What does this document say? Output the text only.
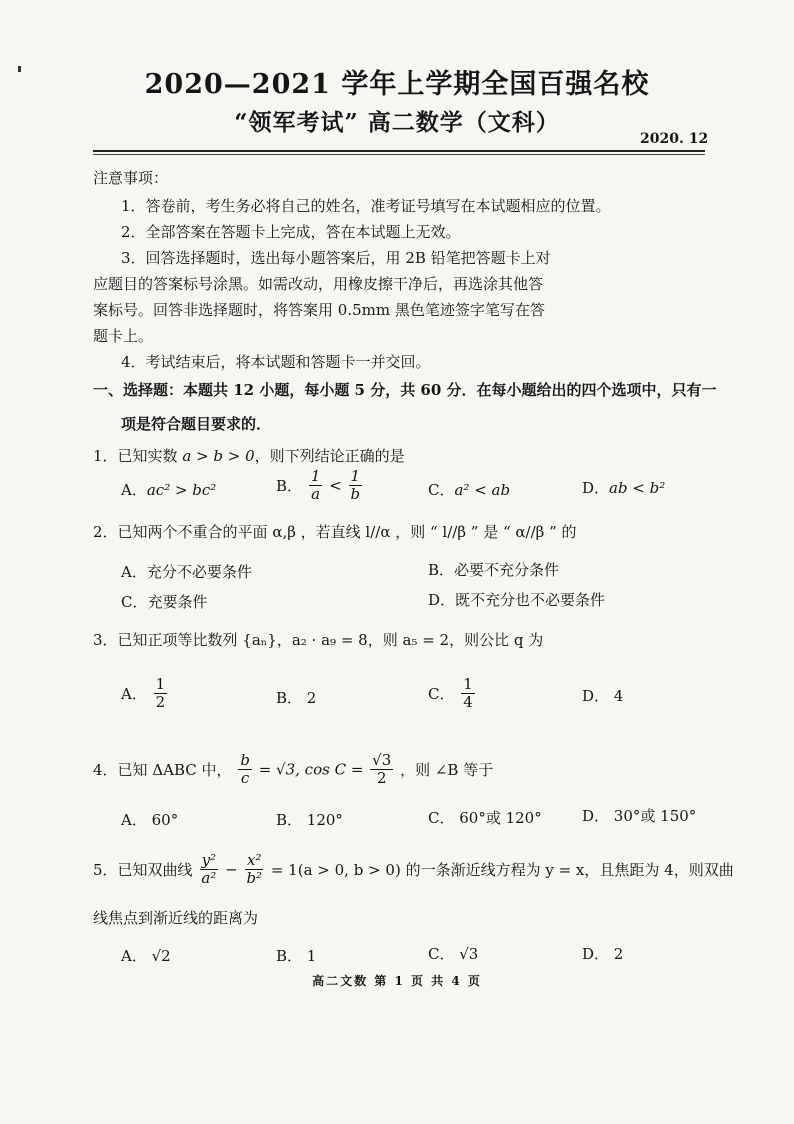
2020—2021 学年上学期全国百强名校
“领军考试” 高二数学（文科）
2020. 12
注意事项：
1．答卷前，考生务必将自己的姓名，准考证号填写在本试题相应的位置。
2．全部答案在答题卡上完成，答在本试题上无效。
3．回答选择题时，选出每小题答案后，用 2B 铅笔把答题卡上对
应题目的答案标号涂黑。如需改动，用橡皮擦干净后，再选涂其他答
案标号。回答非选择题时，将答案用 0.5mm 黑色笔迹签字笔写在答
题卡上。
4．考试结束后，将本试题和答题卡一并交回。
一、选择题：本题共 12 小题，每小题 5 分，共 60 分．在每小题给出的四个选项中，只有一
项是符合题目要求的．
1．已知实数 a > b > 0，则下列结论正确的是
A．ac² > bc²	B． $\frac{1}{a} < \frac{1}{b}$	C．a² < ab	D．ab < b²
2．已知两个不重合的平面 α,β ，若直线 l//α ，则 “ l//β ” 是 “ α//β ” 的
A．充分不必要条件	B．必要不充分条件
C．充要条件	D．既不充分也不必要条件
3．已知正项等比数列 {aₙ}，a₂ · a₉ = 8，则 a₅ = 2，则公比 q 为
A． $\frac{1}{2}$	B． 2	C． $\frac{1}{4}$	D． 4
4．已知 ΔABC 中， $\frac{b}{c} = √3$, $\cos C = \frac{√3}{2}$ ，则 ∠B 等于
A． 60°	B． 120°	C． 60°或 120°	D． 30°或 150°
5．已知双曲线 $\frac{\text{y²}}{\text{a²}} - \frac{\text{x²}}{\text{b²}} = 1(a > 0$, b > 0) 的一条渐近线方程为 y = x，且焦距为 4，则双曲
线焦点到渐近线的距离为
A． √2	B． 1	C． √3	D． 2
高二文数 第 1 页 共 4 页
